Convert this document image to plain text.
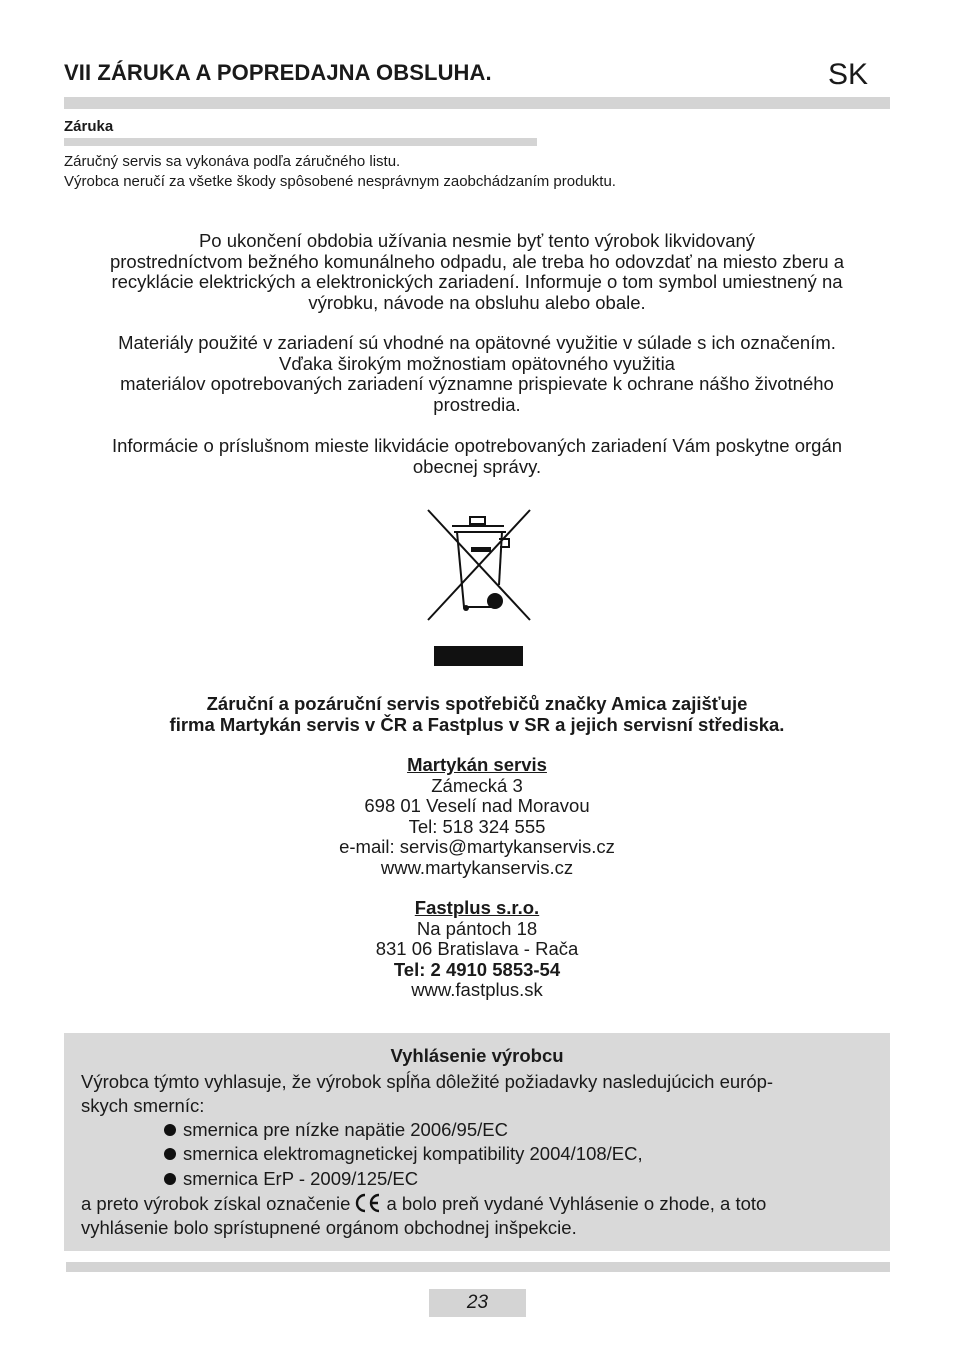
VII ZÁRUKA A POPREDAJNA OBSLUHA.	SK
Záruka
Záručný servis sa vykonáva podľa záručného listu.
Výrobca neručí za všetke škody spôsobené nesprávnym zaobchádzaním produktu.

Po ukončení obdobia užívania nesmie byť tento výrobok likvidovaný

prostredníctvom bežného komunálneho odpadu, ale treba ho odovzdať na miesto zberu a

recyklácie elektrických a elektronických zariadení. Informuje o tom symbol umiestnený na

výrobku, návode na obsluhu alebo obale.

Materiály použité v zariadení sú vhodné na opätovné využitie v súlade s ich označením.

Vďaka širokým možnostiam opätovného využitia

materiálov opotrebovaných zariadení významne prispievate k ochrane nášho životného

prostredia.

Informácie o príslušnom mieste likvidácie opotrebovaných zariadení Vám poskytne orgán

obecnej správy.

Záruční a pozáruční servis spotřebičů značky Amica zajišťuje
firma Martykán servis v ČR a Fastplus v SR a jejich servisní střediska.
Martykán servis
Zámecká 3
698 01 Veselí nad Moravou
Tel: 518 324 555
e-mail: servis@martykanservis.cz
www.martykanservis.cz
Fastplus s.r.o.
Na pántoch 18
831 06 Bratislava - Rača
Tel: 2 4910 5853-54
www.fastplus.sk
Vyhlásenie výrobcu
Výrobca týmto vyhlasuje, že výrobok spĺňa dôležité požiadavky nasledujúcich európ-
skych smerníc:
smernica pre nízke napätie 2006/95/EC
smernica elektromagnetickej kompatibility 2004/108/EC,
smernica ErP - 2009/125/EC
a preto výrobok získal označenie a bolo preň vydané Vyhlásenie o zhode, a toto
vyhlásenie bolo sprístupnené orgánom obchodnej inšpekcie.
23
